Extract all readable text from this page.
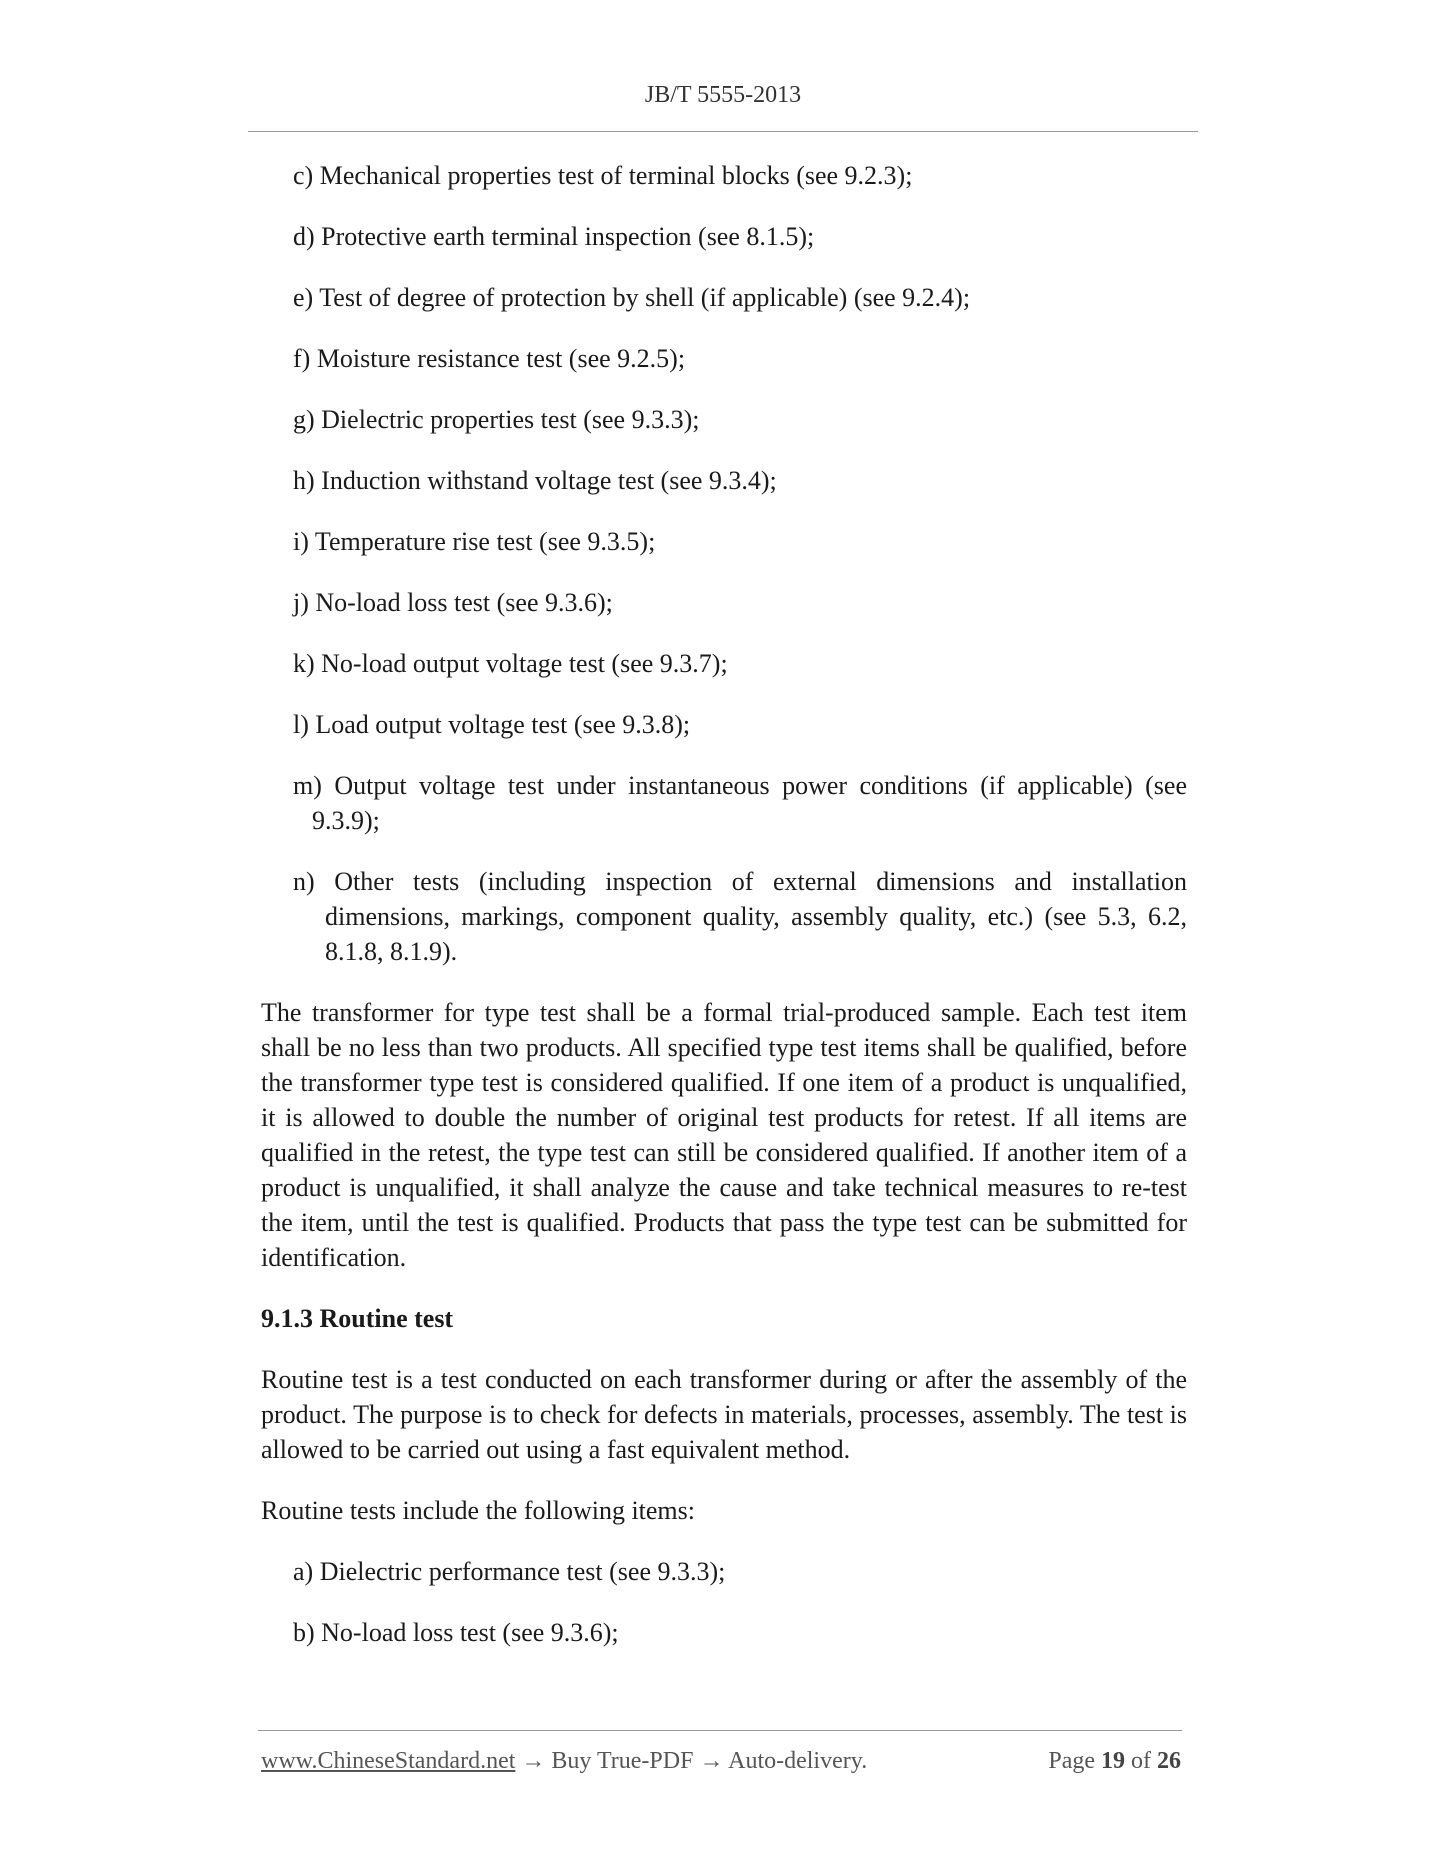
JB/T 5555-2013
c) Mechanical properties test of terminal blocks (see 9.2.3);
d) Protective earth terminal inspection (see 8.1.5);
e) Test of degree of protection by shell (if applicable) (see 9.2.4);
f) Moisture resistance test (see 9.2.5);
g) Dielectric properties test (see 9.3.3);
h) Induction withstand voltage test (see 9.3.4);
i) Temperature rise test (see 9.3.5);
j) No-load loss test (see 9.3.6);
k) No-load output voltage test (see 9.3.7);
l) Load output voltage test (see 9.3.8);
m) Output voltage test under instantaneous power conditions (if applicable) (see 9.3.9);
n) Other tests (including inspection of external dimensions and installation dimensions, markings, component quality, assembly quality, etc.) (see 5.3, 6.2, 8.1.8, 8.1.9).

The transformer for type test shall be a formal trial-produced sample. Each test item shall be no less than two products. All specified type test items shall be qualified, before the transformer type test is considered qualified. If one item of a product is unqualified, it is allowed to double the number of original test products for retest. If all items are qualified in the retest, the type test can still be considered qualified. If another item of a product is unqualified, it shall analyze the cause and take technical measures to re-test the item, until the test is qualified. Products that pass the type test can be submitted for identification.

9.1.3 Routine test

Routine test is a test conducted on each transformer during or after the assembly of the product. The purpose is to check for defects in materials, processes, assembly. The test is allowed to be carried out using a fast equivalent method.

Routine tests include the following items:

a) Dielectric performance test (see 9.3.3);
b) No-load loss test (see 9.3.6);
www.ChineseStandard.net → Buy True-PDF → Auto-delivery.	Page 19 of 26
